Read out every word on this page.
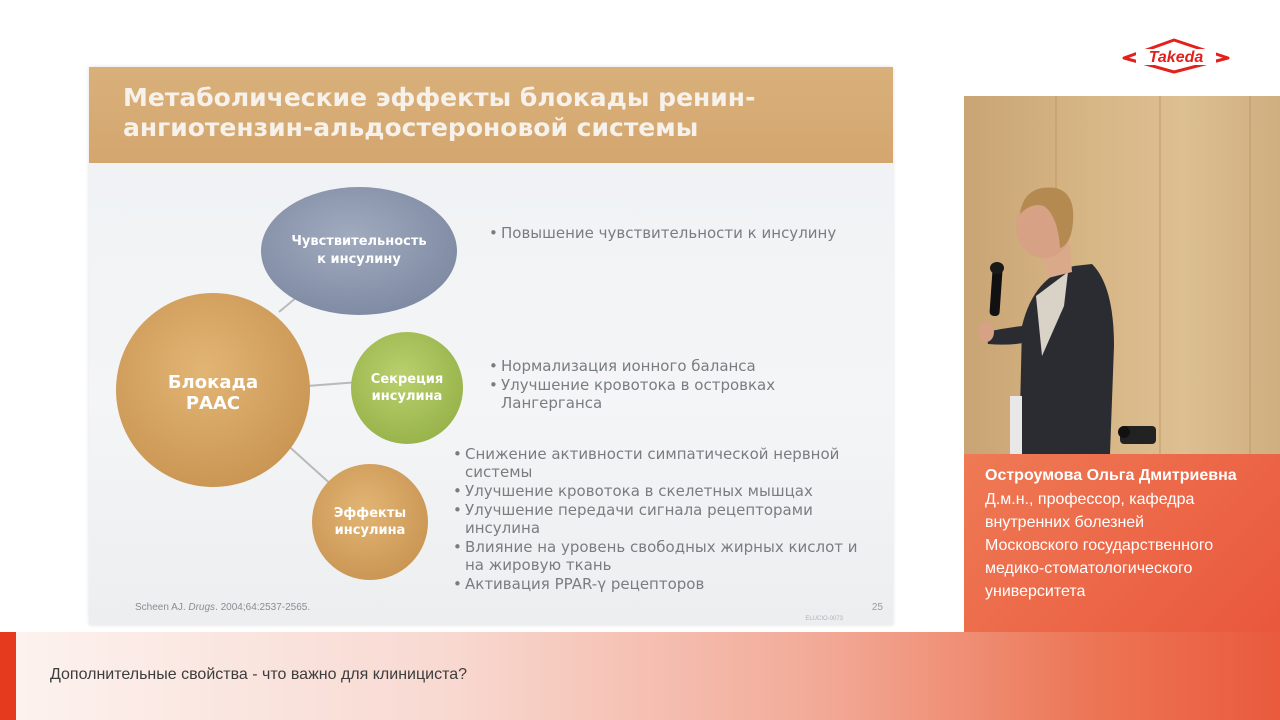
Takeda
Метаболические эффекты блокады ренин-
ангиотензин-альдостероновой системы
Блокада
РААС
Чувствительность
к инсулину
Секреция
инсулина
Эффекты
инсулина
• Повышение чувствительности к инсулину
• Нормализация ионного баланса
• Улучшение кровотока в островках Лангерганса
• Снижение активности симпатической нервной системы
• Улучшение кровотока в скелетных мышцах
• Улучшение передачи сигнала рецепторами инсулина
• Влияние на уровень свободных жирных кислот и на жировую ткань
• Активация PPAR-γ рецепторов
Scheen AJ. Drugs. 2004;64:2537-2565.	25
ELUCIO-0073
Остроумова Ольга Дмитриевна
Д.м.н., профессор, кафедра
внутренних болезней
Московского государственного
медико-стоматологического
университета
Дополнительные свойства - что важно для клинициста?
